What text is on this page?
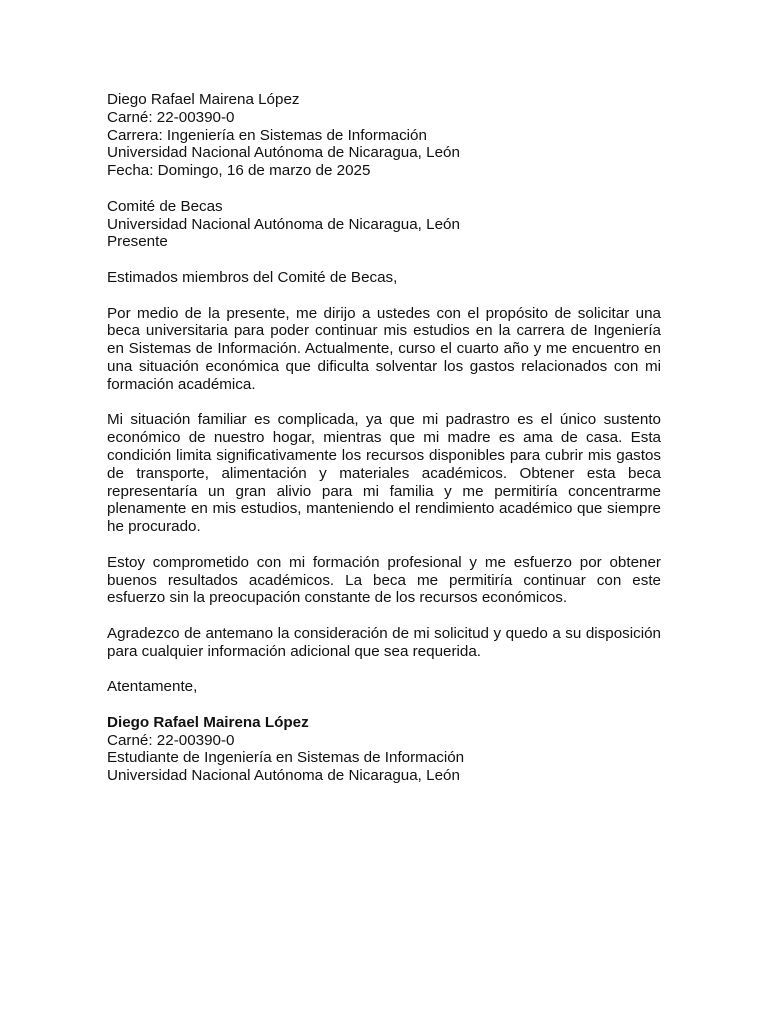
Diego Rafael Mairena López
Carné: 22-00390-0
Carrera: Ingeniería en Sistemas de Información
Universidad Nacional Autónoma de Nicaragua, León
Fecha: Domingo, 16 de marzo de 2025
Comité de Becas
Universidad Nacional Autónoma de Nicaragua, León
Presente
Estimados miembros del Comité de Becas,
Por medio de la presente, me dirijo a ustedes con el propósito de solicitar una beca universitaria para poder continuar mis estudios en la carrera de Ingeniería en Sistemas de Información. Actualmente, curso el cuarto año y me encuentro en una situación económica que dificulta solventar los gastos relacionados con mi formación académica.
Mi situación familiar es complicada, ya que mi padrastro es el único sustento económico de nuestro hogar, mientras que mi madre es ama de casa. Esta condición limita significativamente los recursos disponibles para cubrir mis gastos de transporte, alimentación y materiales académicos. Obtener esta beca representaría un gran alivio para mi familia y me permitiría concentrarme plenamente en mis estudios, manteniendo el rendimiento académico que siempre he procurado.
Estoy comprometido con mi formación profesional y me esfuerzo por obtener buenos resultados académicos. La beca me permitiría continuar con este esfuerzo sin la preocupación constante de los recursos económicos.
Agradezco de antemano la consideración de mi solicitud y quedo a su disposición para cualquier información adicional que sea requerida.
Atentamente,
Diego Rafael Mairena López
Carné: 22-00390-0
Estudiante de Ingeniería en Sistemas de Información
Universidad Nacional Autónoma de Nicaragua, León
